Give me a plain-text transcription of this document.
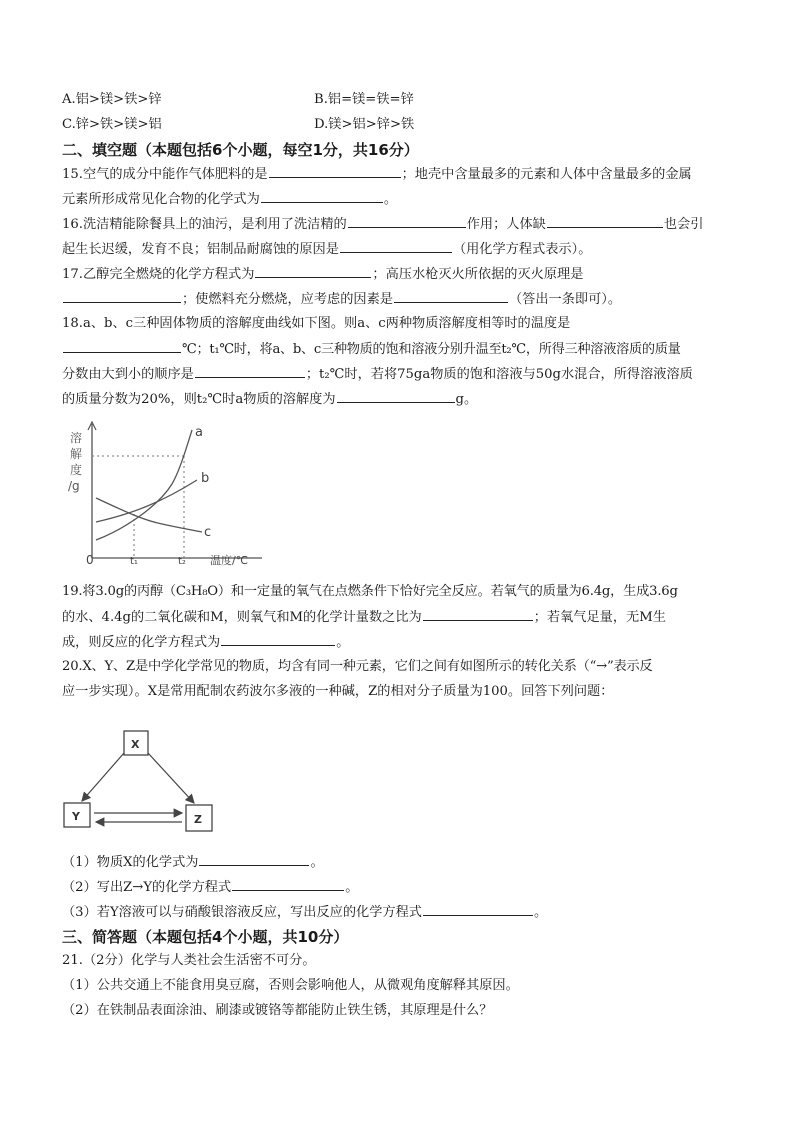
A.铝>镁>铁>锌	B.铝=镁=铁=锌
C.锌>铁>镁>铝	D.镁>铝>锌>铁
二、填空题（本题包括6个小题，每空1分，共16分）
15.空气的成分中能作气体肥料的是	；地壳中含量最多的元素和人体中含量最多的金属
元素所形成常见化合物的化学式为	。
16.洗洁精能除餐具上的油污，是利用了洗洁精的	作用；人体缺	也会引
起生长迟缓，发育不良；铝制品耐腐蚀的原因是	（用化学方程式表示）。
17.乙醇完全燃烧的化学方程式为	；高压水枪灭火所依据的灭火原理是
；使燃料充分燃烧，应考虑的因素是	（答出一条即可）。
18.a、b、c三种固体物质的溶解度曲线如下图。则a、c两种物质溶解度相等时的温度是
℃；t₁℃时，将a、b、c三种物质的饱和溶液分别升温至t₂℃，所得三种溶液溶质的质量
分数由大到小的顺序是	；t₂℃时，若将75ga物质的饱和溶液与50g水混合，所得溶液溶质
的质量分数为20%，则t₂℃时a物质的溶解度为	g。
溶
解
度
/g
a
b
c
0	t₁	t₂ 温度/℃
19.将3.0g的丙醇（C₃H₈O）和一定量的氧气在点燃条件下恰好完全反应。若氧气的质量为6.4g，生成3.6g
的水、4.4g的二氧化碳和M，则氧气和M的化学计量数之比为	；若氧气足量，无M生
成，则反应的化学方程式为	。
20.X、Y、Z是中学化学常见的物质，均含有同一种元素，它们之间有如图所示的转化关系（“→”表示反
应一步实现）。X是常用配制农药波尔多液的一种碱，Z的相对分子质量为100。回答下列问题：
X
Y	Z
（1）物质X的化学式为	。
（2）写出Z→Y的化学方程式	。
（3）若Y溶液可以与硝酸银溶液反应，写出反应的化学方程式	。
三、简答题（本题包括4个小题，共10分）
21.（2分）化学与人类社会生活密不可分。
（1）公共交通上不能食用臭豆腐，否则会影响他人，从微观角度解释其原因。
（2）在铁制品表面涂油、刷漆或镀铬等都能防止铁生锈，其原理是什么？
